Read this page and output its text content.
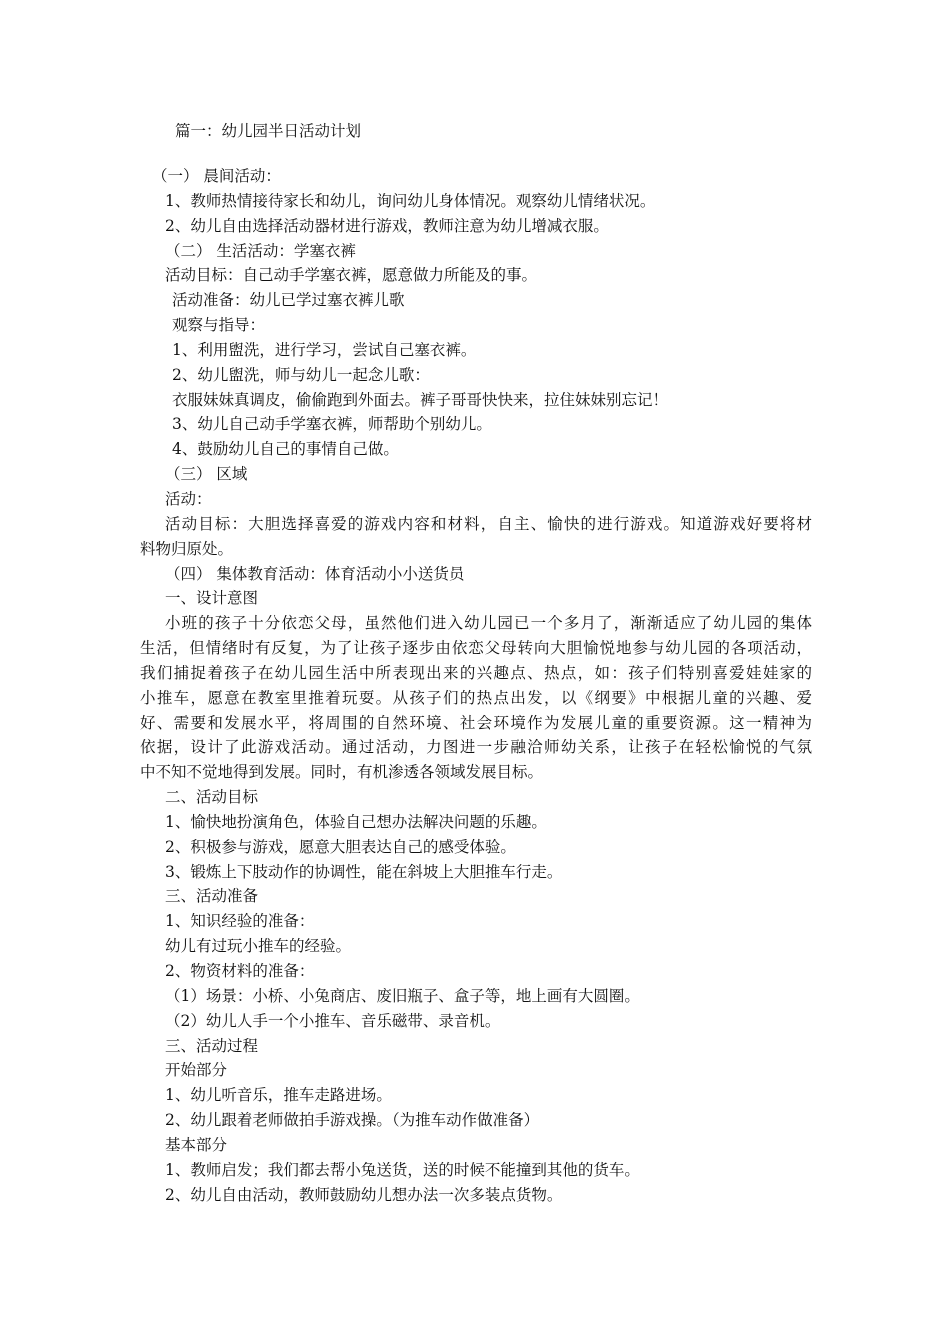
篇一：幼儿园半日活动计划
（一） 晨间活动：
1、教师热情接待家长和幼儿，询问幼儿身体情况。观察幼儿情绪状况。
2、幼儿自由选择活动器材进行游戏，教师注意为幼儿增减衣服。
（二） 生活活动：学塞衣裤
活动目标：自己动手学塞衣裤，愿意做力所能及的事。
活动准备：幼儿已学过塞衣裤儿歌
观察与指导：
1、利用盥洗，进行学习，尝试自己塞衣裤。
2、幼儿盥洗，师与幼儿一起念儿歌：
衣服妹妹真调皮，偷偷跑到外面去。裤子哥哥快快来，拉住妹妹别忘记！
3、幼儿自己动手学塞衣裤，师帮助个别幼儿。
4、鼓励幼儿自己的事情自己做。
（三） 区域
活动：
活动目标：大胆选择喜爱的游戏内容和材料，自主、愉快的进行游戏。知道游戏好要将材
料物归原处。
（四） 集体教育活动：体育活动小小送货员
一、设计意图
小班的孩子十分依恋父母，虽然他们进入幼儿园已一个多月了，渐渐适应了幼儿园的集体
生活，但情绪时有反复，为了让孩子逐步由依恋父母转向大胆愉悦地参与幼儿园的各项活动，
我们捕捉着孩子在幼儿园生活中所表现出来的兴趣点、热点，如：孩子们特别喜爱娃娃家的
小推车，愿意在教室里推着玩耍。从孩子们的热点出发，以《纲要》中根据儿童的兴趣、爱
好、需要和发展水平，将周围的自然环境、社会环境作为发展儿童的重要资源。这一精神为
依据，设计了此游戏活动。通过活动，力图进一步融洽师幼关系，让孩子在轻松愉悦的气氛
中不知不觉地得到发展。同时，有机渗透各领域发展目标。
二、活动目标
1、愉快地扮演角色，体验自己想办法解决问题的乐趣。
2、积极参与游戏，愿意大胆表达自己的感受体验。
3、锻炼上下肢动作的协调性，能在斜坡上大胆推车行走。
三、活动准备
1、知识经验的准备：
幼儿有过玩小推车的经验。
2、物资材料的准备：
（1）场景：小桥、小兔商店、废旧瓶子、盒子等，地上画有大圆圈。
（2）幼儿人手一个小推车、音乐磁带、录音机。
三、活动过程
开始部分
1、幼儿听音乐，推车走路进场。
2、幼儿跟着老师做拍手游戏操。（为推车动作做准备）
基本部分
1、教师启发；我们都去帮小兔送货，送的时候不能撞到其他的货车。
2、幼儿自由活动，教师鼓励幼儿想办法一次多装点货物。
